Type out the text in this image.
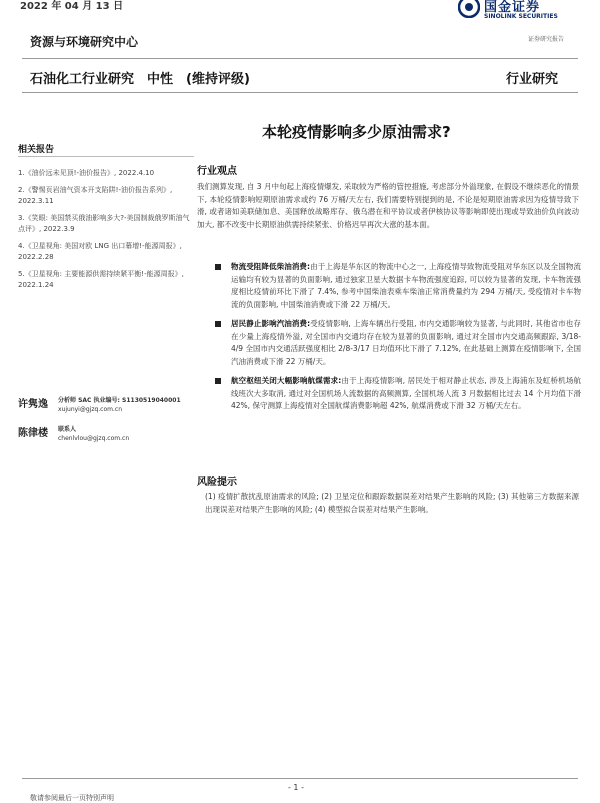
2022 年 04 月 13 日	国金证券
SINOLINK SECURITIES
证券研究报告
资源与环境研究中心
石油化工行业研究　中性　(维持评级)	行业研究
本轮疫情影响多少原油需求?
相关报告
1.《油价远未见顶!-油价报告》, 2022.4.10
2.《警惕页岩油气资本开支陷阱!-油价报告系列》, 2022.3.11
3.《笑眼: 美国禁买俄油影响多大?-美国制裁俄罗斯油气点评》, 2022.3.9
4.《卫星视角: 美国对欧 LNG 出口幕增!-能源周报》, 2022.2.28
5.《卫星视角: 主要能源供需持续紧平衡!-能源周报》, 2022.1.24
许隽逸 分析师 SAC 执业编号: S1130519040001
xujunyi@gjzq.com.cn
陈律楼 联系人
chenlvlou@gjzq.com.cn
行业观点

我们测算发现, 自 3 月中旬起上海疫情爆发, 采取较为严格的管控措施, 考虑部分外溢现象, 在假设不继续恶化的情景下, 本轮疫情影响短期原油需求或约 76 万桶/天左右, 我们需要特别提到的是, 不论是短期原油需求因为疫情导致下滑, 或者诸如美联储加息、美国释放战略库存、俄乌潜在和平协议或者伊核协议等影响即使出现或导致油价负向波动加大, 都不改变中长期原油供需持续紧张、价格迟早再次大涨的基本面。

物流受阻降低柴油消费:由于上海是华东区的物流中心之一, 上海疫情导致物流受阻对华东区以及全国物流运输均有较为显著的负面影响, 通过独家卫星大数据卡车物流强度追踪, 可以较为显著的发现, 卡车物流强度相比疫情前环比下滑了 7.4%, 参考中国柴油表乘车柴油正常消费量约为 294 万桶/天, 受疫情对卡车物流的负面影响, 中国柴油消费或下滑 22 万桶/天。
居民静止影响汽油消费:受疫情影响, 上海车辆出行受阻, 市内交通影响较为显著, 与此同时, 其他省市也存在少量上海疫情外溢, 对全国市内交通均存在较为显著的负面影响, 通过对全国市内交通高频跟踪, 3/18-4/9 全国市内交通活跃强度相比 2/8-3/17 日均值环比下滑了 7.12%, 在此基础上测算在疫情影响下, 全国汽油消费或下滑 22 万桶/天。
航空枢纽关闭大幅影响航煤需求:由于上海疫情影响, 居民处于相对静止状态, 涉及上海浦东及虹桥机场航线班次大多取消, 通过对全国机场人流数据的高频测算, 全国机场人流 3 月数据相比过去 14 个月均值下滑 42%, 保守测算上海疫情对全国航煤消费影响超 42%, 航煤消费或下滑 32 万桶/天左右。
风险提示

(1) 疫情扩散扰乱原油需求的风险; (2) 卫星定位和跟踪数据误差对结果产生影响的风险; (3) 其他第三方数据来源出现误差对结果产生影响的风险; (4) 模型拟合误差对结果产生影响。

- 1 -
敬请参阅最后一页特别声明
